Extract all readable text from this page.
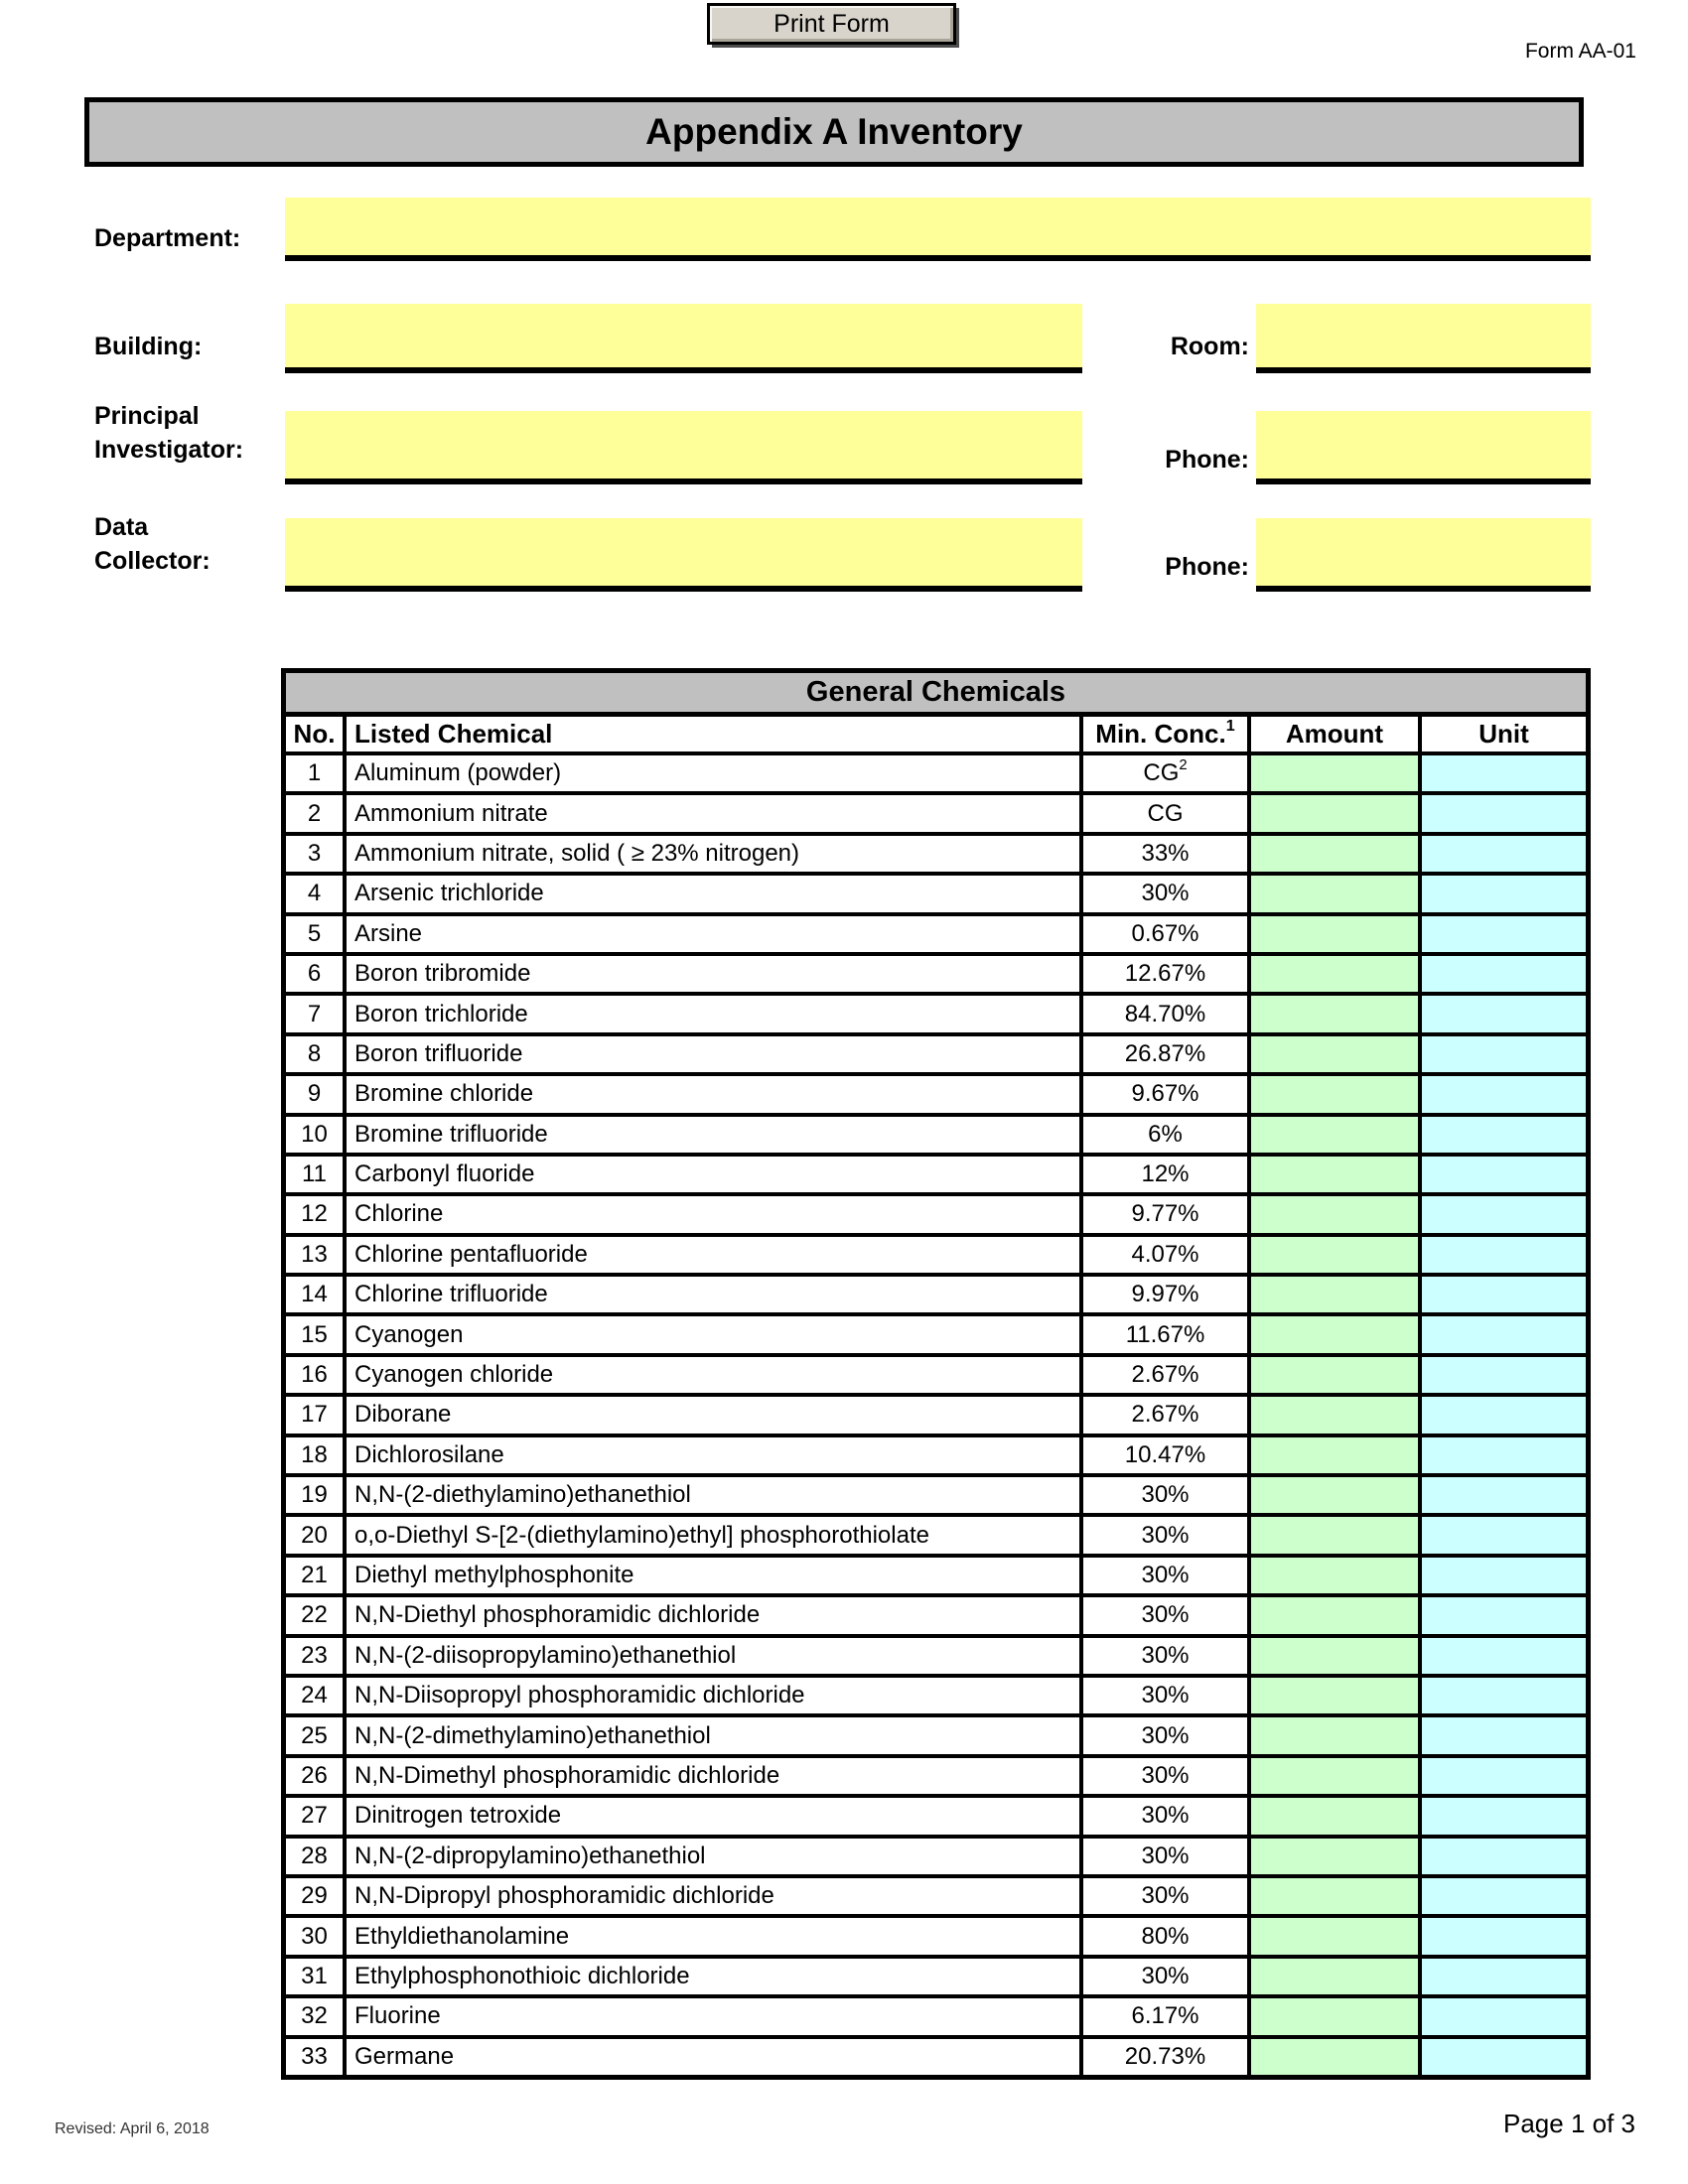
Print Form
Form AA-01
Appendix A Inventory
Department:
Building:	Room:
Principal Investigator:	Phone:
Data Collector:	Phone:
General Chemicals
No. Listed Chemical	Min. Conc.$^1$	Amount	Unit
1	Aluminum (powder)	$CG^2$
2	Ammonium nitrate	CG
3	Ammonium nitrate, solid ( ≥ 23% nitrogen)	33%
4	Arsenic trichloride	30%
5	Arsine	0.67%
6	Boron tribromide	12.67%
7	Boron trichloride	84.70%
8	Boron trifluoride	26.87%
9	Bromine chloride	9.67%
10	Bromine trifluoride	6%
11	Carbonyl fluoride	12%
12	Chlorine	9.77%
13	Chlorine pentafluoride	4.07%
14	Chlorine trifluoride	9.97%
15	Cyanogen	11.67%
16	Cyanogen chloride	2.67%
17	Diborane	2.67%
18	Dichlorosilane	10.47%
19	N,N-(2-diethylamino)ethanethiol	30%
20	o,o-Diethyl S-[2-(diethylamino)ethyl] phosphorothiolate	30%
21	Diethyl methylphosphonite	30%
22	N,N-Diethyl phosphoramidic dichloride	30%
23	N,N-(2-diisopropylamino)ethanethiol	30%
24	N,N-Diisopropyl phosphoramidic dichloride	30%
25	N,N-(2-dimethylamino)ethanethiol	30%
26	N,N-Dimethyl phosphoramidic dichloride	30%
27	Dinitrogen tetroxide	30%
28	N,N-(2-dipropylamino)ethanethiol	30%
29	N,N-Dipropyl phosphoramidic dichloride	30%
30	Ethyldiethanolamine	80%
31	Ethylphosphonothioic dichloride	30%
32	Fluorine	6.17%
33	Germane	20.73%
Revised: April 6, 2018	Page 1 of 3
